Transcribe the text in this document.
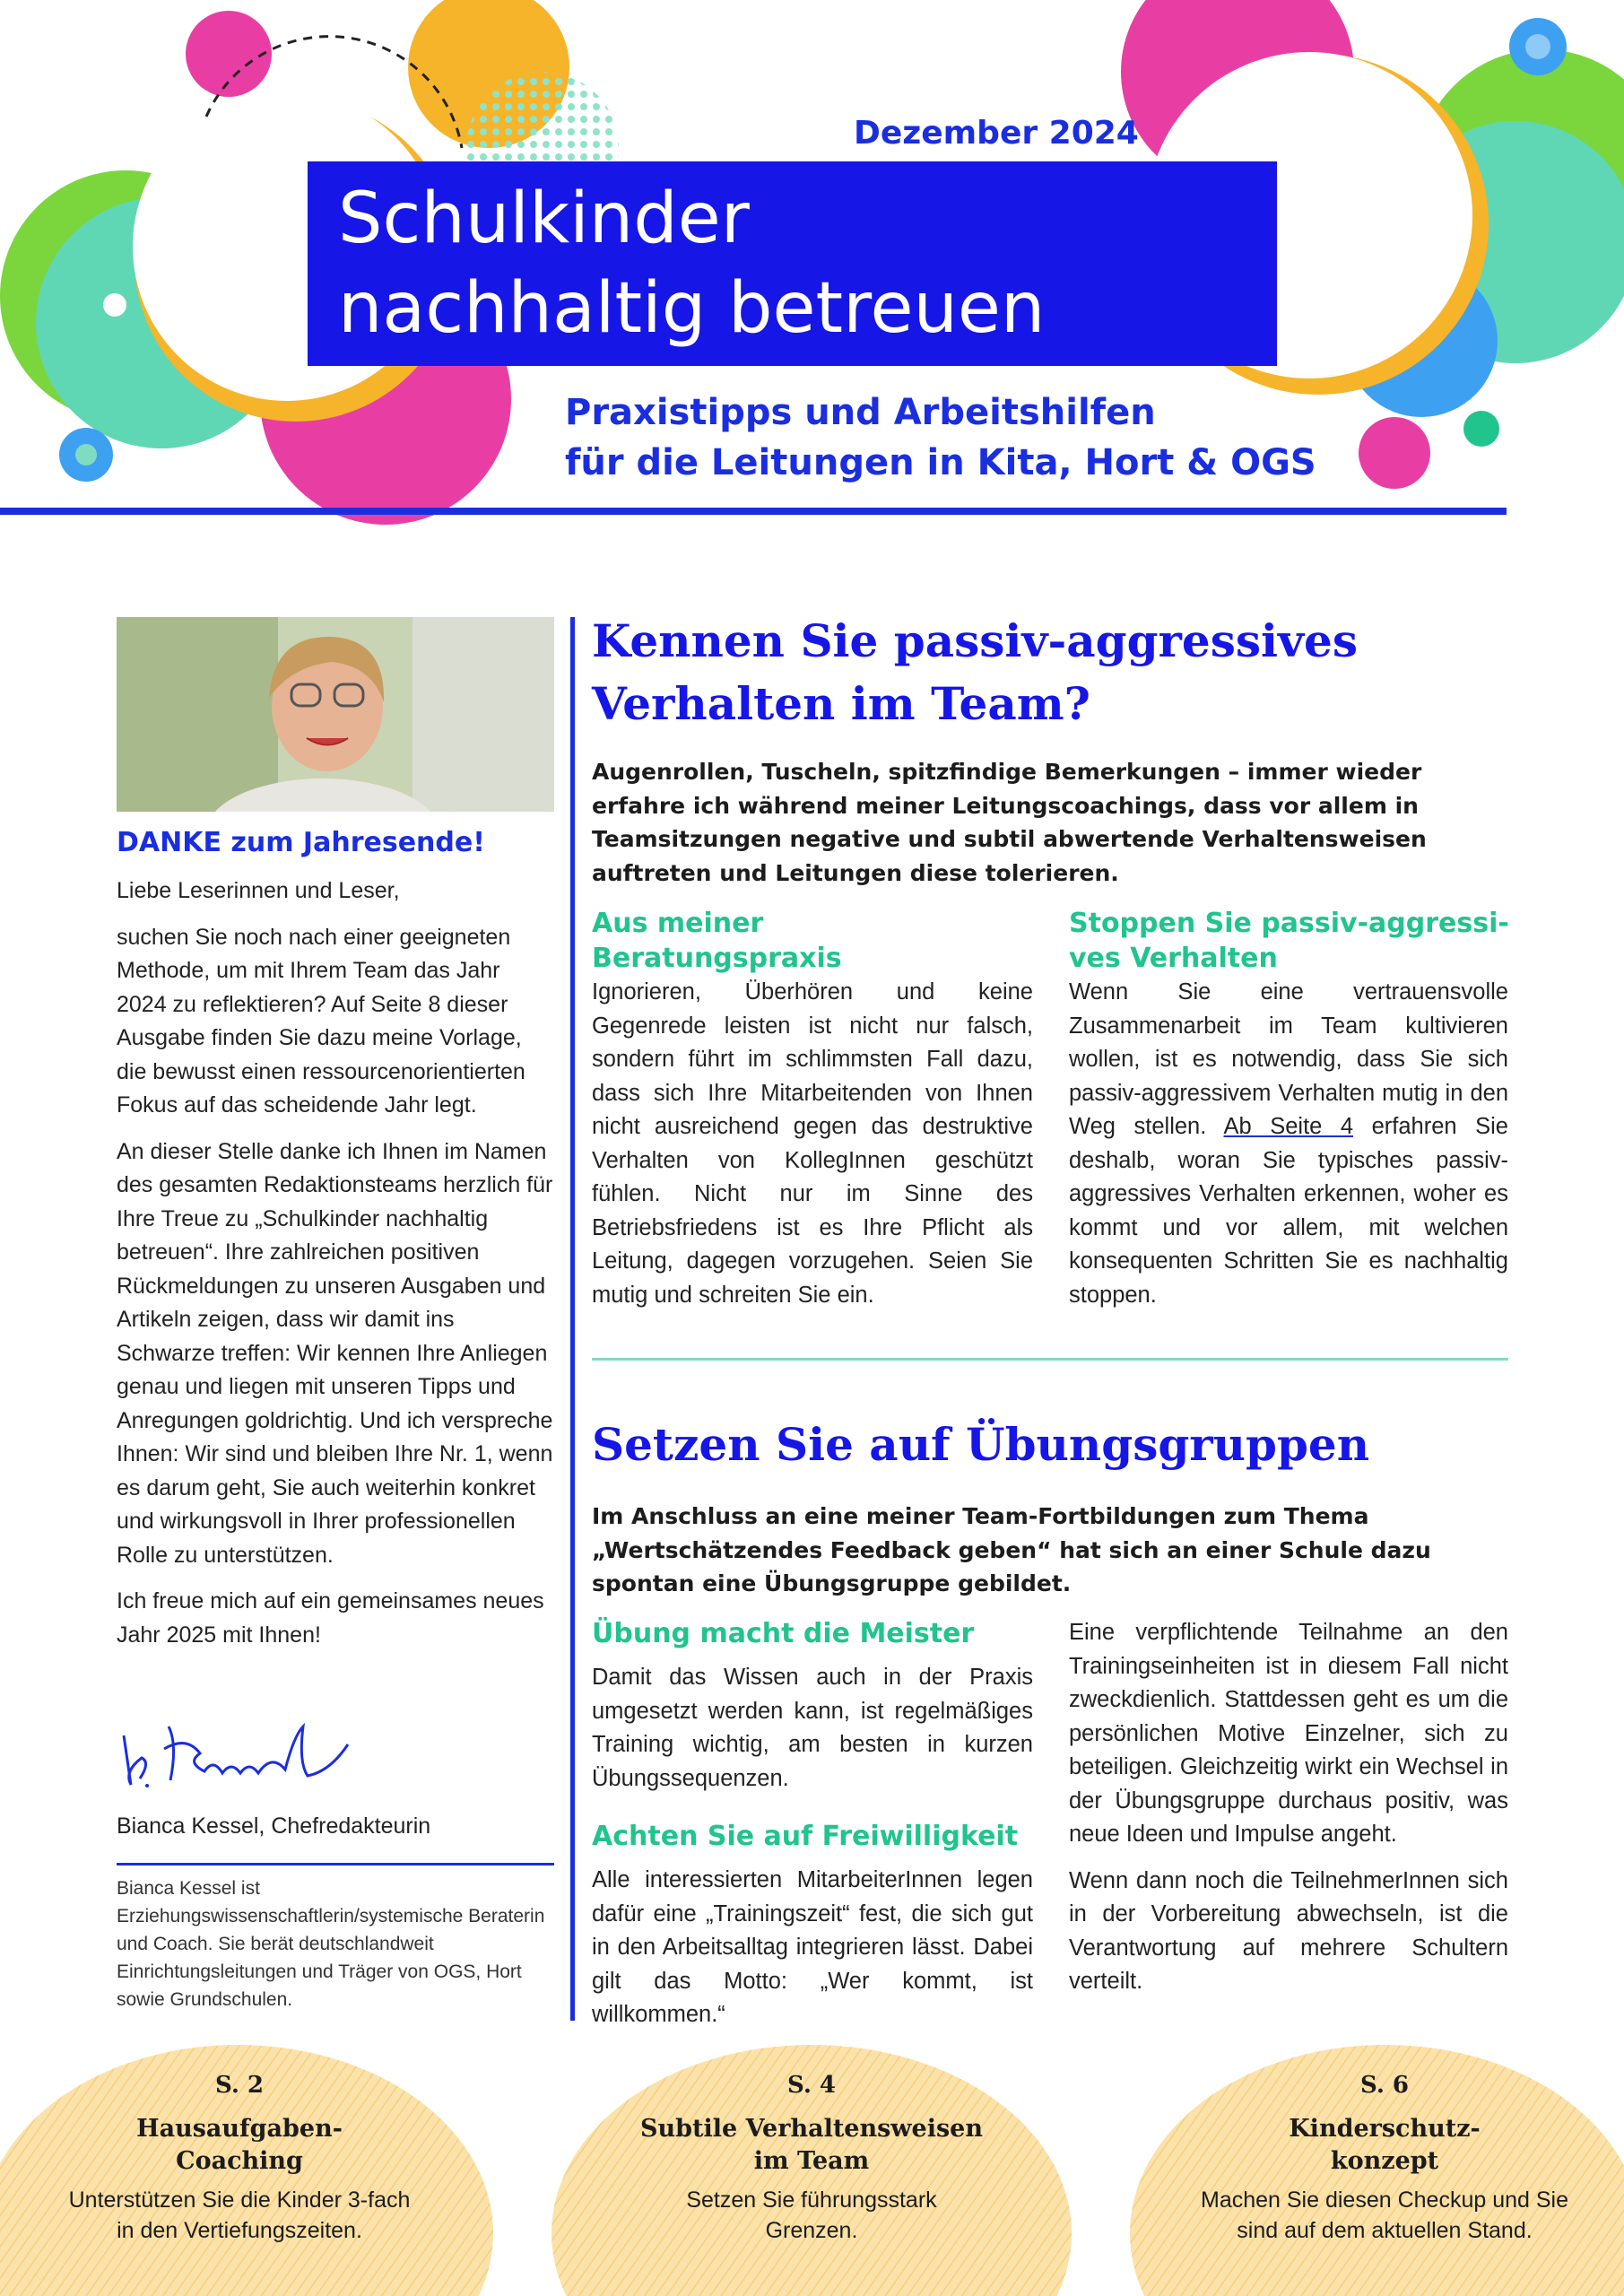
Dezember 2024
Schulkinder
nachhaltig betreuen
Praxistipps und Arbeitshilfen
für die Leitungen in Kita, Hort & OGS
DANKE zum Jahresende!

Liebe Leserinnen und Leser,

suchen Sie noch nach einer geeigneten Methode, um mit Ihrem Team das Jahr 2024 zu reflektieren? Auf Seite 8 dieser Ausgabe finden Sie dazu meine Vorlage, die bewusst einen ressourcenorientierten Fokus auf das scheidende Jahr legt.

An dieser Stelle danke ich Ihnen im Namen des gesamten Redaktionsteams herzlich für Ihre Treue zu „Schulkinder nachhaltig betreuen“. Ihre zahlreichen positiven Rückmeldungen zu unseren Ausgaben und Artikeln zeigen, dass wir damit ins Schwarze treffen: Wir kennen Ihre Anliegen genau und liegen mit unseren Tipps und Anregungen goldrichtig. Und ich verspreche Ihnen: Wir sind und bleiben Ihre Nr. 1, wenn es darum geht, Sie auch weiterhin konkret und wirkungsvoll in Ihrer professionellen Rolle zu unterstützen.

Ich freue mich auf ein gemeinsames neues Jahr 2025 mit Ihnen!

Bianca Kessel, Chefredakteurin
Bianca Kessel ist Erziehungswissenschaftlerin/systemische Beraterin und Coach. Sie berät deutschlandweit Einrichtungsleitungen und Träger von OGS, Hort sowie Grundschulen.
Kennen Sie passiv-aggressives
Verhalten im Team?
Augenrollen, Tuscheln, spitzfindige Bemerkungen – immer wieder erfahre ich während meiner Leitungscoachings, dass vor allem in Teamsitzungen negative und subtil abwertende Verhaltensweisen auftreten und Leitungen diese tolerieren.
Aus meiner
Beratungspraxis
Ignorieren, Überhören und keine Gegenrede leisten ist nicht nur falsch, sondern führt im schlimmsten Fall dazu, dass sich Ihre Mitarbeitenden von Ihnen nicht ausreichend gegen das destruktive Verhalten von KollegInnen geschützt fühlen. Nicht nur im Sinne des Betriebsfriedens ist es Ihre Pflicht als Leitung, dagegen vorzugehen. Seien Sie mutig und schreiten Sie ein.
Stoppen Sie passiv-aggressi-
ves Verhalten
Wenn Sie eine vertrauensvolle Zusammenarbeit im Team kultivieren wollen, ist es notwendig, dass Sie sich passiv-aggressivem Verhalten mutig in den Weg stellen. Ab Seite 4 erfahren Sie deshalb, woran Sie typisches passiv-aggressives Verhalten erkennen, woher es kommt und vor allem, mit welchen konsequenten Schritten Sie es nachhaltig stoppen.
Setzen Sie auf Übungsgruppen
Im Anschluss an eine meiner Team-Fortbildungen zum Thema „Wertschätzendes Feedback geben“ hat sich an einer Schule dazu spontan eine Übungsgruppe gebildet.
Übung macht die Meister
Damit das Wissen auch in der Praxis umgesetzt werden kann, ist regelmäßiges Training wichtig, am besten in kurzen Übungssequenzen.
Achten Sie auf Freiwilligkeit
Alle interessierten MitarbeiterInnen legen dafür eine „Trainingszeit“ fest, die sich gut in den Arbeitsalltag integrieren lässt. Dabei gilt das Motto: „Wer kommt, ist willkommen.“

Eine verpflichtende Teilnahme an den Trainingseinheiten ist in diesem Fall nicht zweckdienlich. Stattdessen geht es um die persönlichen Motive Einzelner, sich zu beteiligen. Gleichzeitig wirkt ein Wechsel in der Übungsgruppe durchaus positiv, was neue Ideen und Impulse angeht.

Wenn dann noch die TeilnehmerInnen sich in der Vorbereitung abwechseln, ist die Verantwortung auf mehrere Schultern verteilt.

S. 2
Hausaufgaben-
Coaching
Unterstützen Sie die Kinder 3-fach
in den Vertiefungszeiten.
S. 4
Subtile Verhaltensweisen
im Team
Setzen Sie führungsstark
Grenzen.
S. 6
Kinderschutz-
konzept
Machen Sie diesen Checkup und Sie
sind auf dem aktuellen Stand.
